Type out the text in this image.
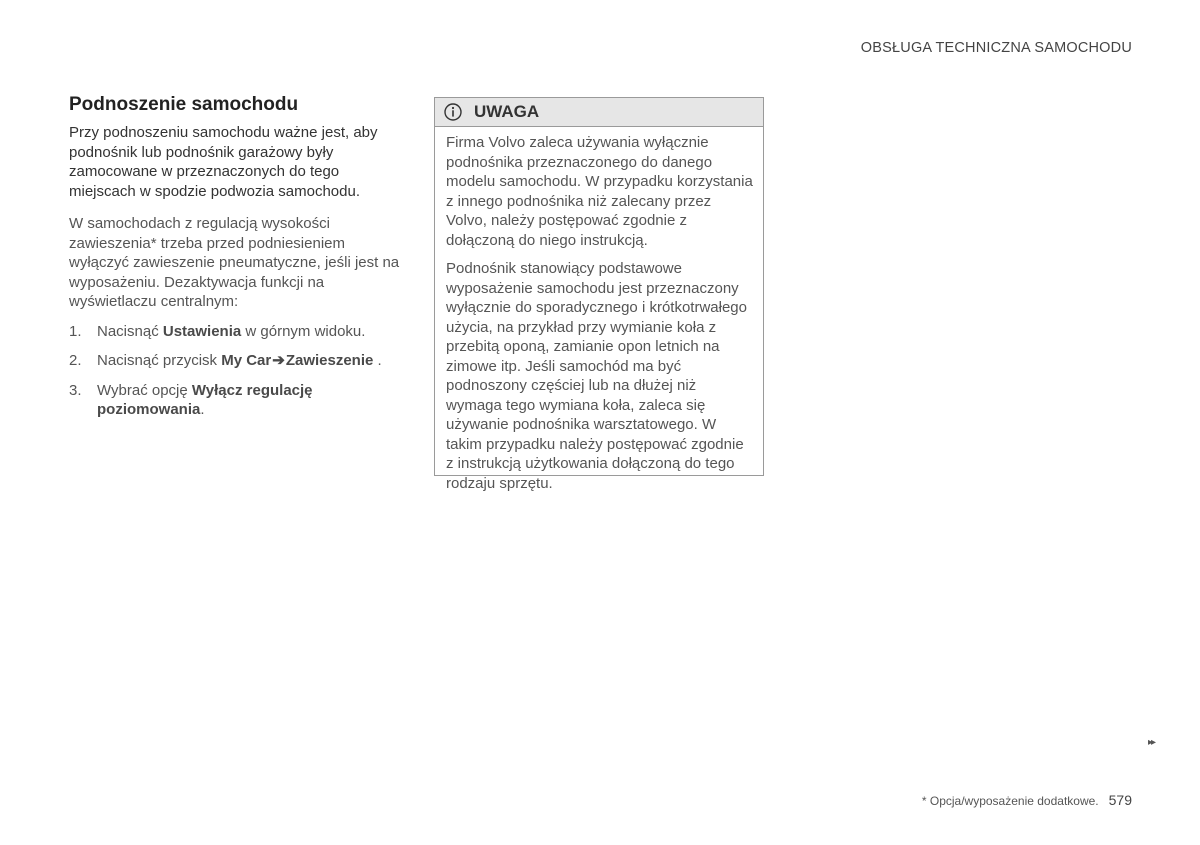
OBSŁUGA TECHNICZNA SAMOCHODU
Podnoszenie samochodu

Przy podnoszeniu samochodu ważne jest, aby podnośnik lub podnośnik garażowy były zamocowane w przeznaczonych do tego miejscach w spodzie podwozia samochodu.

W samochodach z regulacją wysokości zawieszenia* trzeba przed podniesieniem wyłączyć zawieszenie pneumatyczne, jeśli jest na wyposażeniu. Dezaktywacja funkcji na wyświetlaczu centralnym:

1.	Nacisnąć Ustawienia w górnym widoku.
2.	Nacisnąć przycisk My Car➔Zawieszenie .
3.	Wybrać opcję Wyłącz regulację poziomowania.
UWAGA

Firma Volvo zaleca używania wyłącznie podnośnika przeznaczonego do danego modelu samochodu. W przypadku korzystania z innego podnośnika niż zalecany przez Volvo, należy postępować zgodnie z dołączoną do niego instrukcją.

Podnośnik stanowiący podstawowe wyposażenie samochodu jest przeznaczony wyłącznie do sporadycznego i krótkotrwałego użycia, na przykład przy wymianie koła z przebitą oponą, zamianie opon letnich na zimowe itp. Jeśli samochód ma być podnoszony częściej lub na dłużej niż wymaga tego wymiana koła, zaleca się używanie podnośnika warsztatowego. W takim przypadku należy postępować zgodnie z instrukcją użytkowania dołączoną do tego rodzaju sprzętu.

▸▸
* Opcja/wyposażenie dodatkowe. 579
